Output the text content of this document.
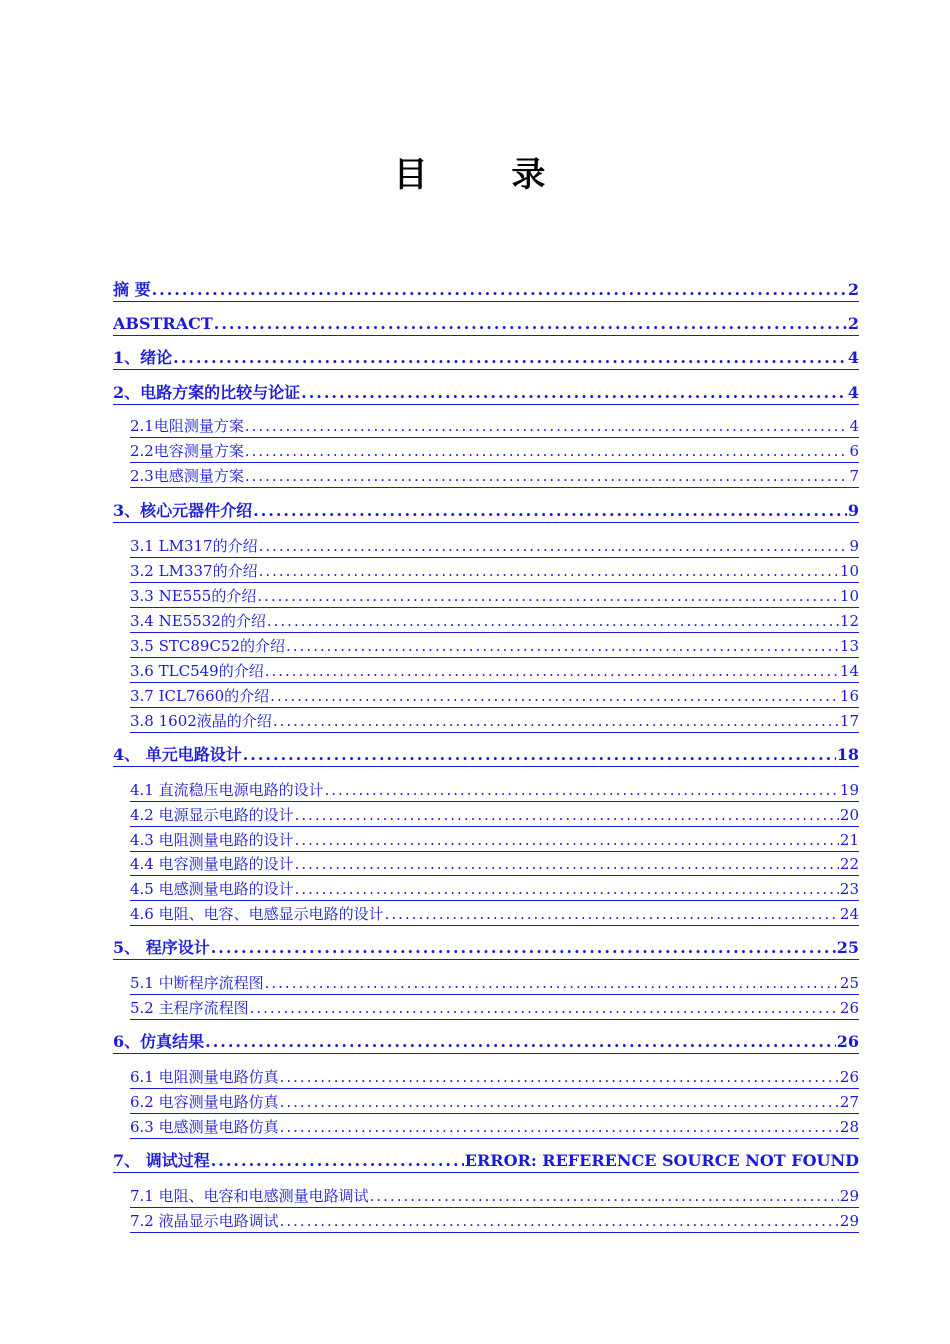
目 录
摘 要 .....	2
ABSTRACT .....	2
1、绪论 .....	4
2、电路方案的比较与论证 .....	4
2.1电阻测量方案 .....	4
2.2电容测量方案 .....	6
2.3电感测量方案 .....	7
3、核心元器件介绍 .....	9
3.1 LM317的介绍 .....	9
3.2 LM337的介绍 .....	10
3.3 NE555的介绍 .....	10
3.4 NE5532的介绍 .....	12
3.5 STC89C52的介绍 .....	13
3.6 TLC549的介绍 .....	14
3.7 ICL7660的介绍 .....	16
3.8 1602液晶的介绍 .....	17
4、 单元电路设计 .....	18
4.1 直流稳压电源电路的设计 .....	19
4.2 电源显示电路的设计 .....	20
4.3 电阻测量电路的设计 .....	21
4.4 电容测量电路的设计 .....	22
4.5 电感测量电路的设计 .....	23
4.6 电阻、电容、电感显示电路的设计 .....	24
5、 程序设计 .....	25
5.1 中断程序流程图 .....	25
5.2 主程序流程图 .....	26
6、仿真结果 .....	26
6.1 电阻测量电路仿真 .....	26
6.2 电容测量电路仿真 .....	27
6.3 电感测量电路仿真 .....	28
7、 调试过程 .....	ERROR: REFERENCE SOURCE NOT FOUND
7.1 电阻、电容和电感测量电路调试 .....	29
7.2 液晶显示电路调试 .....	29
